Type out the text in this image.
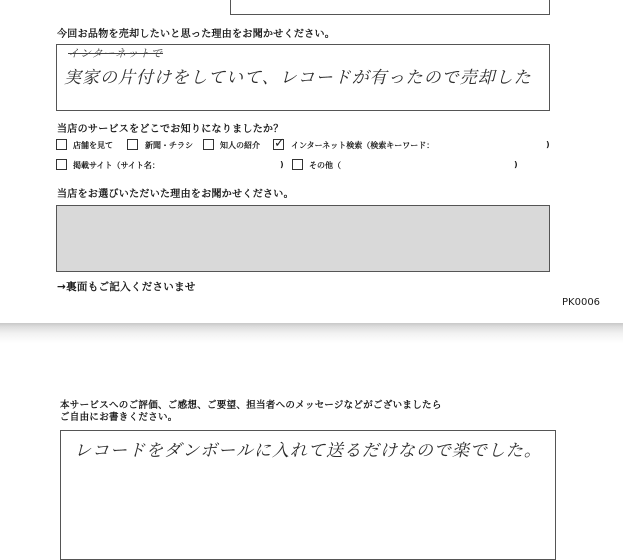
今回お品物を売却したいと思った理由をお聞かせください。
インターネットで
実家の片付けをしていて、レコードが有ったので売却した
当店のサービスをどこでお知りになりましたか？
店舗を見て	新聞・チラシ	知人の紹介 ✓ インターネット検索（検索キーワード：	)
掲載サイト（サイト名：	)	その他（	)
当店をお選びいただいた理由をお聞かせください。
→裏面もご記入くださいませ
PK0006
本サービスへのご評価、ご感想、ご要望、担当者へのメッセージなどがございましたら
ご自由にお書きください。
レコードをダンボールに入れて送るだけなので楽でした。
